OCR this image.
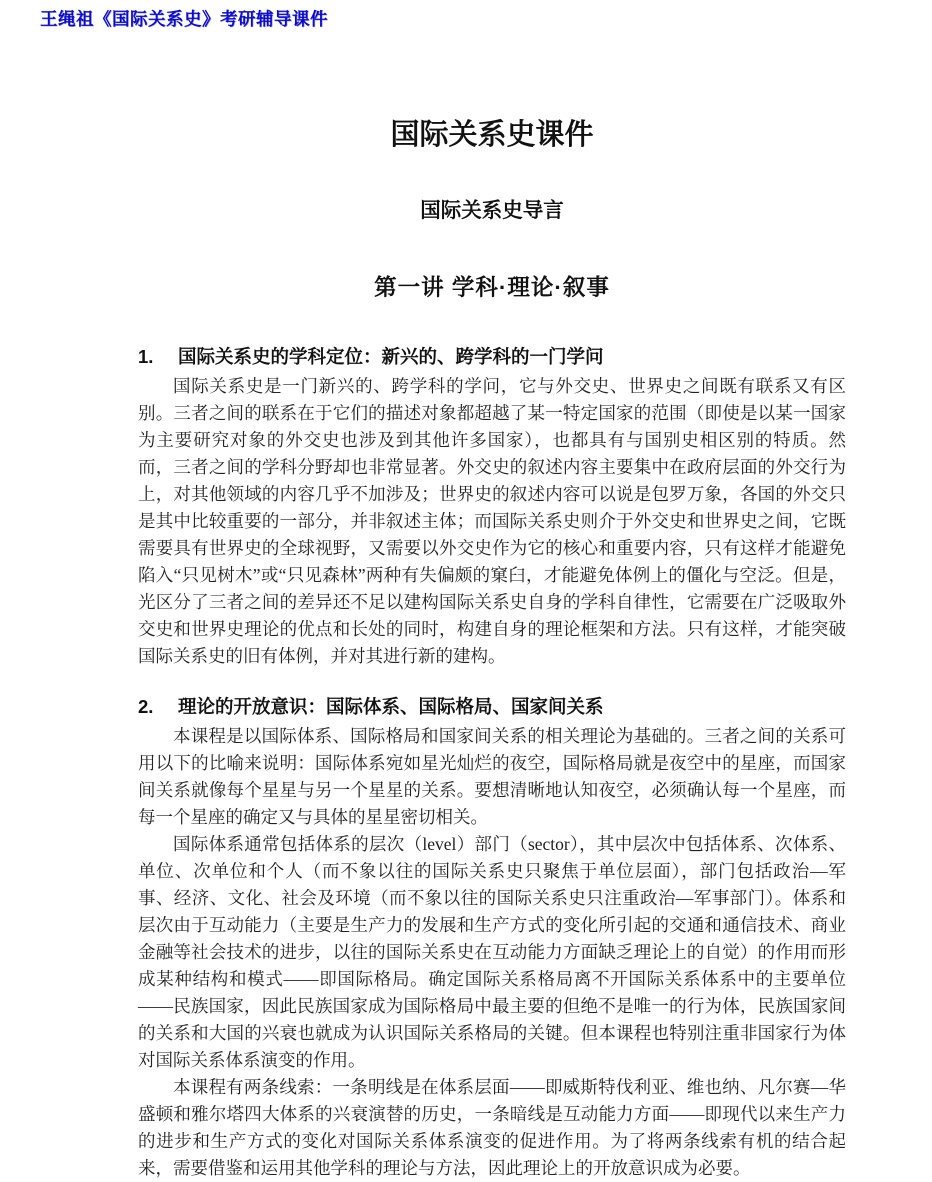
王绳祖《国际关系史》考研辅导课件
国际关系史课件
国际关系史导言
第一讲 学科·理论·叙事
1.	国际关系史的学科定位：新兴的、跨学科的一门学问

国际关系史是一门新兴的、跨学科的学问，它与外交史、世界史之间既有联系又有区别。三者之间的联系在于它们的描述对象都超越了某一特定国家的范围（即使是以某一国家为主要研究对象的外交史也涉及到其他许多国家），也都具有与国别史相区别的特质。然而，三者之间的学科分野却也非常显著。外交史的叙述内容主要集中在政府层面的外交行为上，对其他领域的内容几乎不加涉及；世界史的叙述内容可以说是包罗万象，各国的外交只是其中比较重要的一部分，并非叙述主体；而国际关系史则介于外交史和世界史之间，它既需要具有世界史的全球视野，又需要以外交史作为它的核心和重要内容，只有这样才能避免陷入“只见树木”或“只见森林”两种有失偏颇的窠臼，才能避免体例上的僵化与空泛。但是，光区分了三者之间的差异还不足以建构国际关系史自身的学科自律性，它需要在广泛吸取外交史和世界史理论的优点和长处的同时，构建自身的理论框架和方法。只有这样，才能突破国际关系史的旧有体例，并对其进行新的建构。

2.	理论的开放意识：国际体系、国际格局、国家间关系

本课程是以国际体系、国际格局和国家间关系的相关理论为基础的。三者之间的关系可用以下的比喻来说明：国际体系宛如星光灿烂的夜空，国际格局就是夜空中的星座，而国家间关系就像每个星星与另一个星星的关系。要想清晰地认知夜空，必须确认每一个星座，而每一个星座的确定又与具体的星星密切相关。

国际体系通常包括体系的层次（level）部门（sector），其中层次中包括体系、次体系、单位、次单位和个人（而不象以往的国际关系史只聚焦于单位层面），部门包括政治—军事、经济、文化、社会及环境（而不象以往的国际关系史只注重政治—军事部门）。体系和层次由于互动能力（主要是生产力的发展和生产方式的变化所引起的交通和通信技术、商业金融等社会技术的进步，以往的国际关系史在互动能力方面缺乏理论上的自觉）的作用而形成某种结构和模式——即国际格局。确定国际关系格局离不开国际关系体系中的主要单位——民族国家，因此民族国家成为国际格局中最主要的但绝不是唯一的行为体，民族国家间的关系和大国的兴衰也就成为认识国际关系格局的关键。但本课程也特别注重非国家行为体对国际关系体系演变的作用。

本课程有两条线索：一条明线是在体系层面——即威斯特伐利亚、维也纳、凡尔赛—华盛顿和雅尔塔四大体系的兴衰演替的历史，一条暗线是互动能力方面——即现代以来生产力的进步和生产方式的变化对国际关系体系演变的促进作用。为了将两条线索有机的结合起来，需要借鉴和运用其他学科的理论与方法，因此理论上的开放意识成为必要。
